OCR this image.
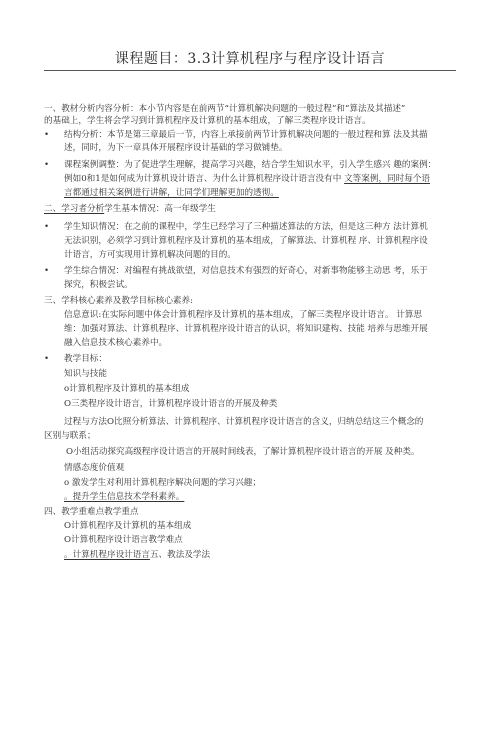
课程题目：3.3计算机程序与程序设计语言
一、教材分析内容分析：本小节内容是在前两节“计算机解决问题的一般过程”和“算法及其描述”
的基础上，学生将会学习到计算机程序及计算机的基本组成，了解三类程序设计语言。
• 结构分析：本节是第三章最后一节，内容上承接前两节计算机解决问题的一般过程和算 法及其描
述，同时，为下一章具体开展程序设计基础的学习做铺垫。
• 课程案例调整：为了促进学生理解，提高学习兴趣，结合学生知识水平，引入学生感兴 趣的案例：
例如0和1是如何成为计算机设计语言、为什么计算机程序设计语言没有中 文等案例，同时每个语
言都通过相关案例进行讲解，让同学们理解更加的透彻。
二、学习者分析学生基本情况：高一年级学生
• 学生知识情况：在之前的课程中，学生已经学习了三种描述算法的方法，但是这三种方 法计算机
无法识别，必须学习到计算机程序及计算机的基本组成，了解算法、计算机程 序、计算机程序设
计语言，方可实现用计算机解决问题的目的。
• 学生综合情况：对编程有挑战欲望，对信息技术有强烈的好奇心，对新事物能够主动思 考，乐于
探究，积极尝试。
三、学科核心素养及教学目标核心素养:
信息意识:在实际问题中体会计算机程序及计算机的基本组成，了解三类程序设计语言。 计算思
维：加强对算法、计算机程序、计算机程序设计语言的认识，将知识建构、技能 培养与思维开展
融入信息技术核心素养中。
• 教学目标：
知识与技能
o计算机程序及计算机的基本组成
O三类程序设计语言，计算机程序设计语言的开展及种类
过程与方法O比照分析算法、计算机程序、计算机程序设计语言的含义，归纳总结这三个概念的
区别与联系；
O小组活动探究高级程序设计语言的开展时间线表，了解计算机程序设计语言的开展 及种类。
情感态度价值观
o 激发学生对利用计算机程序解决问题的学习兴趣；
。提升学生信息技术学科素养。
四、教学重难点教学重点
O计算机程序及计算机的基本组成
O计算机程序设计语言教学难点
。计算机程序设计语言五、教法及学法
